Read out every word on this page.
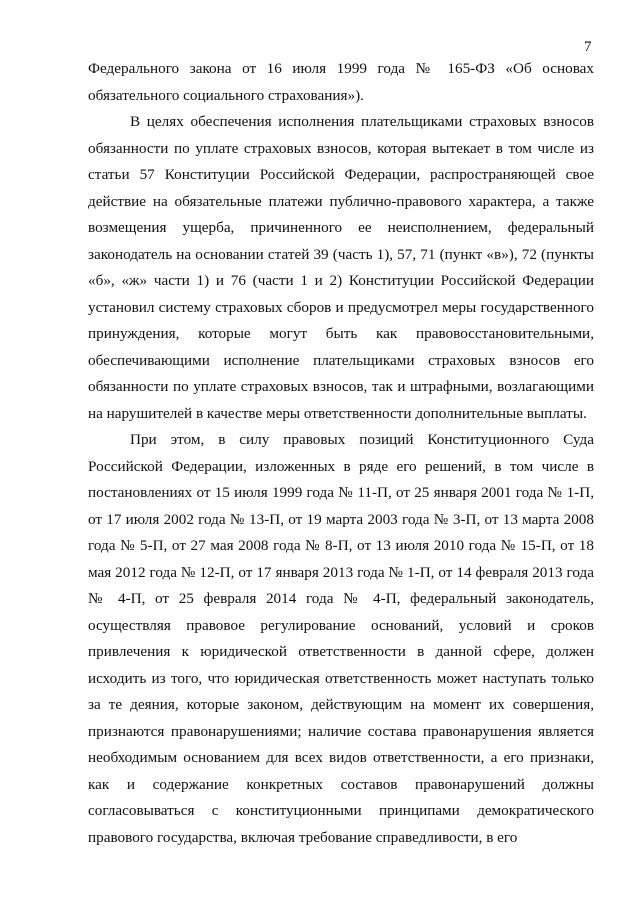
7

Федерального закона от 16 июля 1999 года № 165-ФЗ «Об основах обязательного социального страхования»).

В целях обеспечения исполнения плательщиками страховых взносов обязанности по уплате страховых взносов, которая вытекает в том числе из статьи 57 Конституции Российской Федерации, распространяющей свое действие на обязательные платежи публично-правового характера, а также возмещения ущерба, причиненного ее неисполнением, федеральный законодатель на основании статей 39 (часть 1), 57, 71 (пункт «в»), 72 (пункты «б», «ж» части 1) и 76 (части 1 и 2) Конституции Российской Федерации установил систему страховых сборов и предусмотрел меры государственного принуждения, которые могут быть как правовосстановительными, обеспечивающими исполнение плательщиками страховых взносов его обязанности по уплате страховых взносов, так и штрафными, возлагающими на нарушителей в качестве меры ответственности дополнительные выплаты.

При этом, в силу правовых позиций Конституционного Суда Российской Федерации, изложенных в ряде его решений, в том числе в постановлениях от 15 июля 1999 года № 11-П, от 25 января 2001 года № 1-П, от 17 июля 2002 года № 13-П, от 19 марта 2003 года № 3-П, от 13 марта 2008 года № 5-П, от 27 мая 2008 года № 8-П, от 13 июля 2010 года № 15-П, от 18 мая 2012 года № 12-П, от 17 января 2013 года № 1-П, от 14 февраля 2013 года № 4-П, от 25 февраля 2014 года № 4-П, федеральный законодатель, осуществляя правовое регулирование оснований, условий и сроков привлечения к юридической ответственности в данной сфере, должен исходить из того, что юридическая ответственность может наступать только за те деяния, которые законом, действующим на момент их совершения, признаются правонарушениями; наличие состава правонарушения является необходимым основанием для всех видов ответственности, а его признаки, как и содержание конкретных составов правонарушений должны согласовываться с конституционными принципами демократического правового государства, включая требование справедливости, в его
